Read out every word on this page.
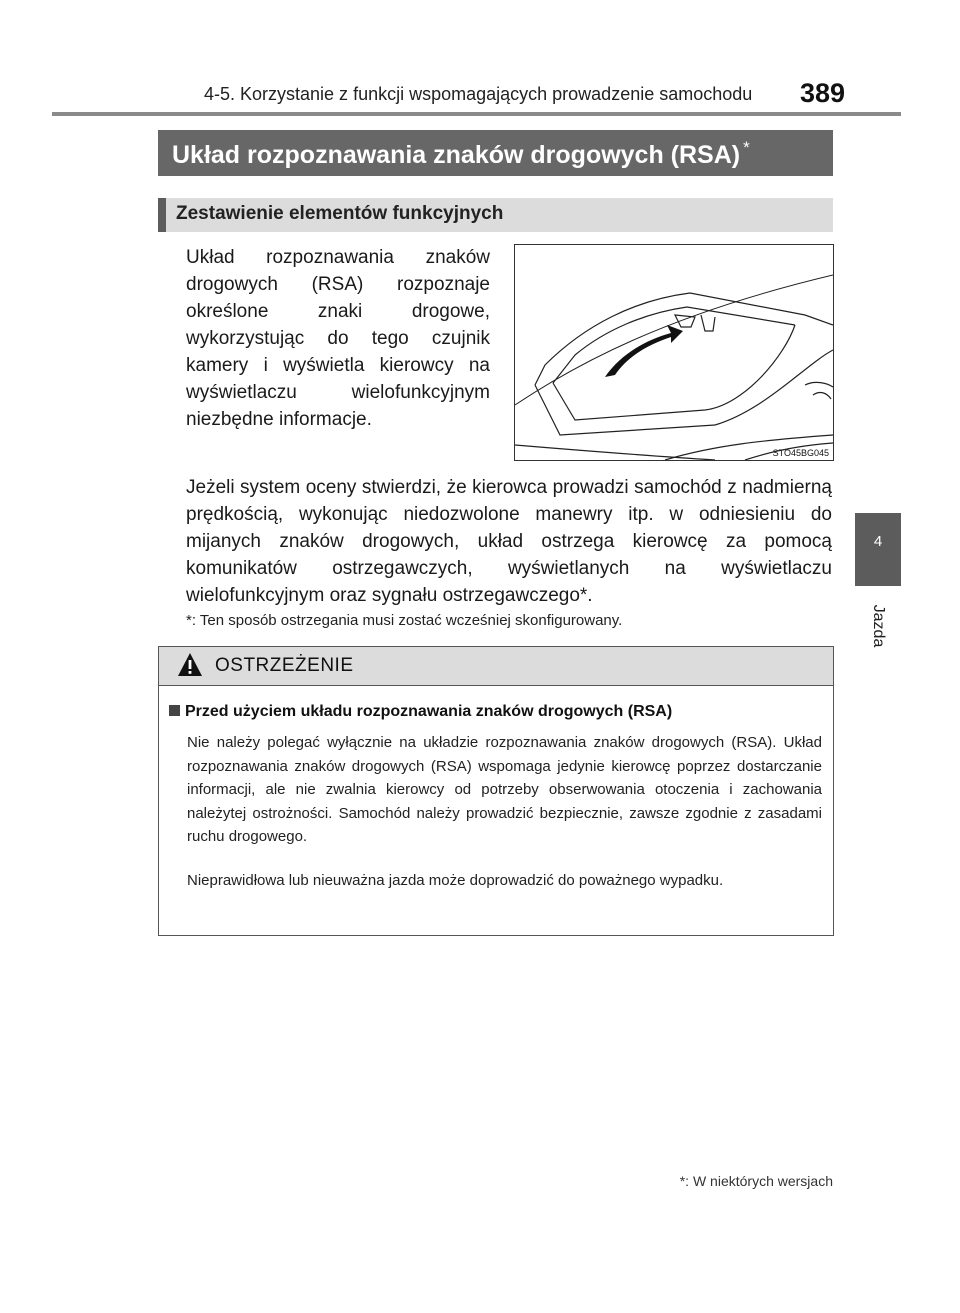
4-5. Korzystanie z funkcji wspomagających prowadzenie samochodu 389
4
Jazda
Układ rozpoznawania znaków drogowych (RSA) *
Zestawienie elementów funkcyjnych

Układ rozpoznawania znaków drogowych (RSA) rozpoznaje określone znaki drogowe, wykorzystując do tego czujnik kamery i wyświetla kierowcy na wyświetlaczu wielofunkcyjnym niezbędne informacje.

STO45BG045

Jeżeli system oceny stwierdzi, że kierowca prowadzi samochód z nadmierną prędkością, wykonując niedozwolone manewry itp. w odniesieniu do mijanych znaków drogowych, układ ostrzega kierowcę za pomocą komunikatów ostrzegawczych, wyświetlanych na wyświetlaczu wielofunkcyjnym oraz sygnału ostrzegawczego*.

*: Ten sposób ostrzegania musi zostać wcześniej skonfigurowany.

OSTRZEŻENIE
Przed użyciem układu rozpoznawania znaków drogowych (RSA)

Nie należy polegać wyłącznie na układzie rozpoznawania znaków drogowych (RSA). Układ rozpoznawania znaków drogowych (RSA) wspomaga jedynie kierowcę poprzez dostarczanie informacji, ale nie zwalnia kierowcy od potrzeby obserwowania otoczenia i zachowania należytej ostrożności. Samochód należy prowadzić bezpiecznie, zawsze zgodnie z zasadami ruchu drogowego.

Nieprawidłowa lub nieuważna jazda może doprowadzić do poważnego wypadku.

*: W niektórych wersjach
